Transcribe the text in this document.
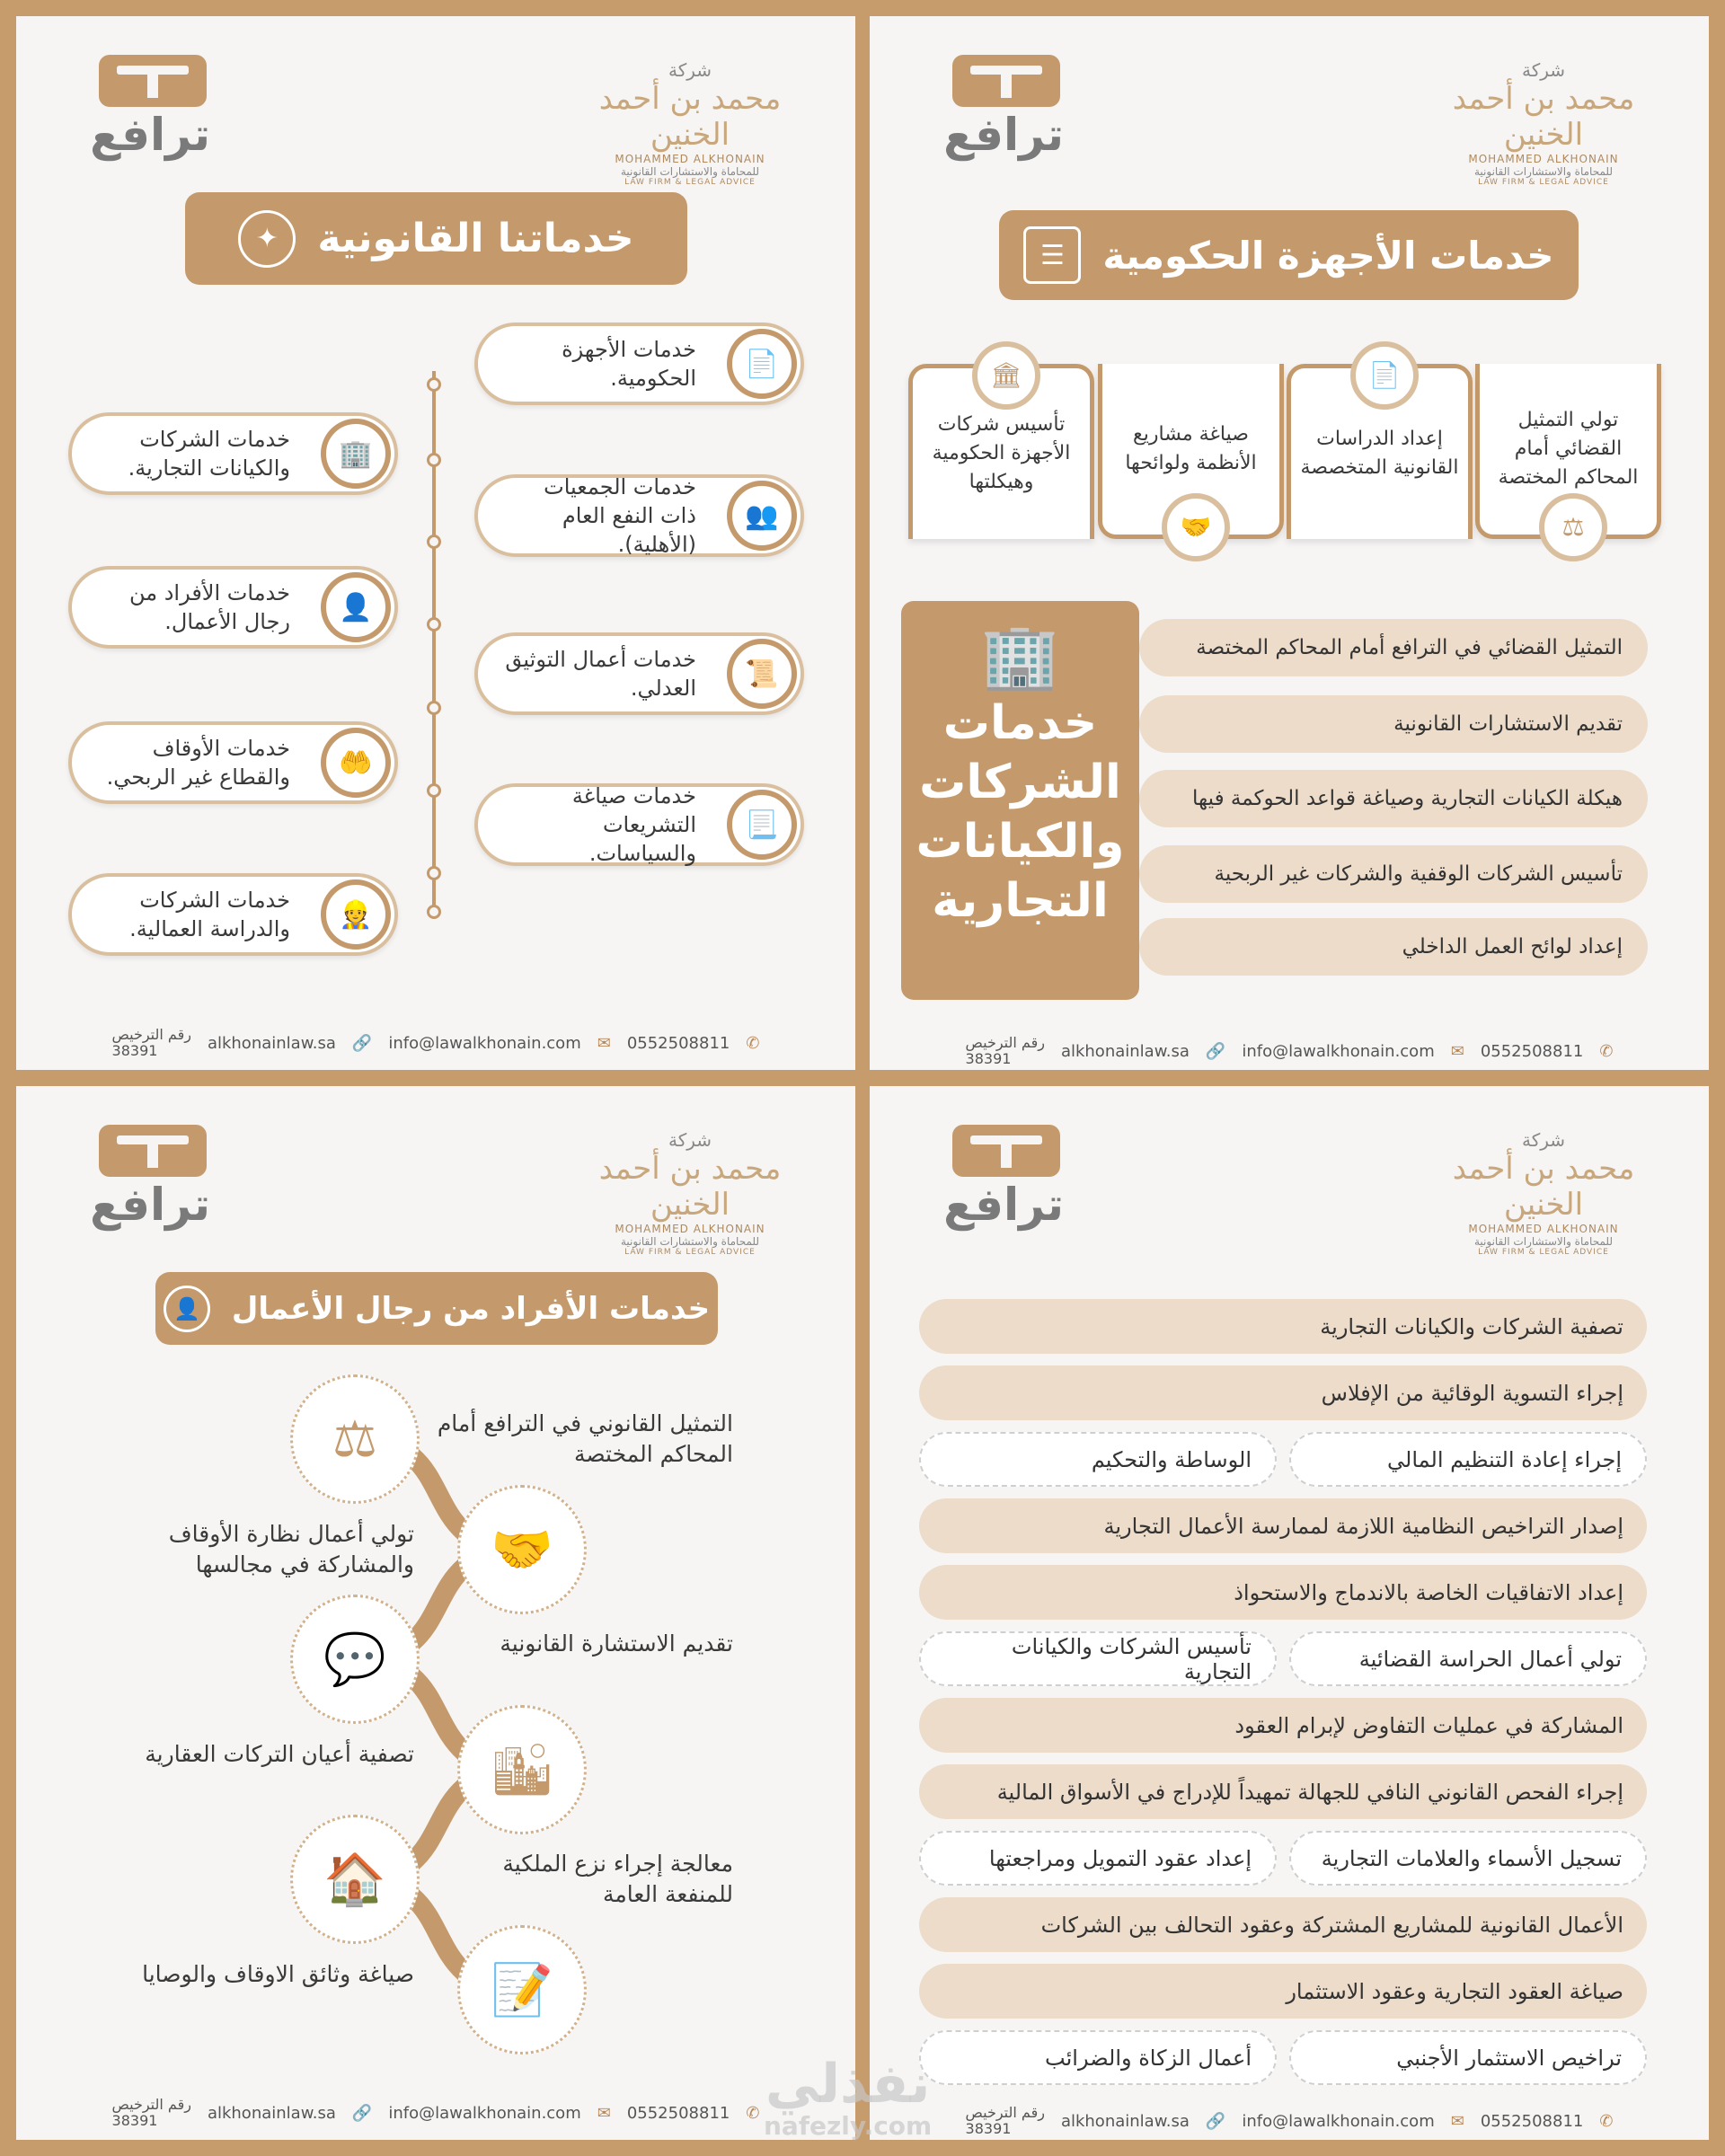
خدماتنا القانونية
✦
📄
خدمات الأجهزة الحكومية.
👥
خدمات الجمعيات ذات النفع العام (الأهلية).
📜
خدمات أعمال التوثيق العدلي.
📃
خدمات صياغة التشريعات والسياسات.
🏢
خدمات الشركات والكيانات التجارية.
👤
خدمات الأفراد من رجال الأعمال.
🤲
خدمات الأوقاف والقطاع غير الربحي.
👷
خدمات الشركات والدراسة العمالية.
ترافع
شركة
محمد بن أحمد الخنين
MOHAMMED ALKHONAIN
للمحاماة والاستشارات القانونية
LAW FIRM & LEGAL ADVICE
رقم الترخيص
38391	alkhonainlaw.sa 🔗 info@lawalkhonain.com ✉ 0552508811 ✆
خدمات الأجهزة الحكومية
☰
تولي التمثيل القضائي أمام المحاكم المختصة
⚖
إعداد الدراسات القانونية المتخصصة
📄
صياغة مشاريع الأنظمة ولوائحها
🤝
تأسيس شركات الأجهزة الحكومية وهيكلتها
🏛
🏢
خدمات الشركات والكيانات التجارية
التمثيل القضائي في الترافع أمام المحاكم المختصة
تقديم الاستشارات القانونية
هيكلة الكيانات التجارية وصياغة قواعد الحوكمة فيها
تأسيس الشركات الوقفية والشركات غير الربحية
إعداد لوائح العمل الداخلي
ترافع
شركة
محمد بن أحمد الخنين
MOHAMMED ALKHONAIN
للمحاماة والاستشارات القانونية
LAW FIRM & LEGAL ADVICE
رقم الترخيص
38391	alkhonainlaw.sa 🔗 info@lawalkhonain.com ✉ 0552508811 ✆
خدمات الأفراد من رجال الأعمال
👤
⚖	التمثيل القانوني في الترافع أمام المحاكم المختصة
🤝
تولي أعمال نظارة الأوقاف والمشاركة في مجالسها
💬	تقديم الاستشارة القانونية
🏙
تصفية أعيان التركات العقارية
🏠	معالجة إجراء نزع الملكية للمنفعة العامة
📝
صياغة وثائق الاوقاف والوصايا
ترافع
شركة
محمد بن أحمد الخنين
MOHAMMED ALKHONAIN
للمحاماة والاستشارات القانونية
LAW FIRM & LEGAL ADVICE
رقم الترخيص
38391	alkhonainlaw.sa 🔗 info@lawalkhonain.com ✉ 0552508811 ✆
تصفية الشركات والكيانات التجارية
إجراء التسوية الوقائية من الإفلاس
إجراء إعادة التنظيم المالي
الوساطة والتحكيم
إصدار التراخيص النظامية اللازمة لممارسة الأعمال التجارية
إعداد الاتفاقيات الخاصة بالاندماج والاستحواذ
تولي أعمال الحراسة القضائية
تأسيس الشركات والكيانات التجارية
المشاركة في عمليات التفاوض لإبرام العقود
إجراء الفحص القانوني النافي للجهالة تمهيداً للإدراج في الأسواق المالية
تسجيل الأسماء والعلامات التجارية
إعداد عقود التمويل ومراجعتها
الأعمال القانونية للمشاريع المشتركة وعقود التحالف بين الشركات
صياغة العقود التجارية وعقود الاستثمار
تراخيص الاستثمار الأجنبي
أعمال الزكاة والضرائب
ترافع
شركة
محمد بن أحمد الخنين
MOHAMMED ALKHONAIN
للمحاماة والاستشارات القانونية
LAW FIRM & LEGAL ADVICE
رقم الترخيص
38391	alkhonainlaw.sa 🔗 info@lawalkhonain.com ✉ 0552508811 ✆
نفذلي
nafezly.com
